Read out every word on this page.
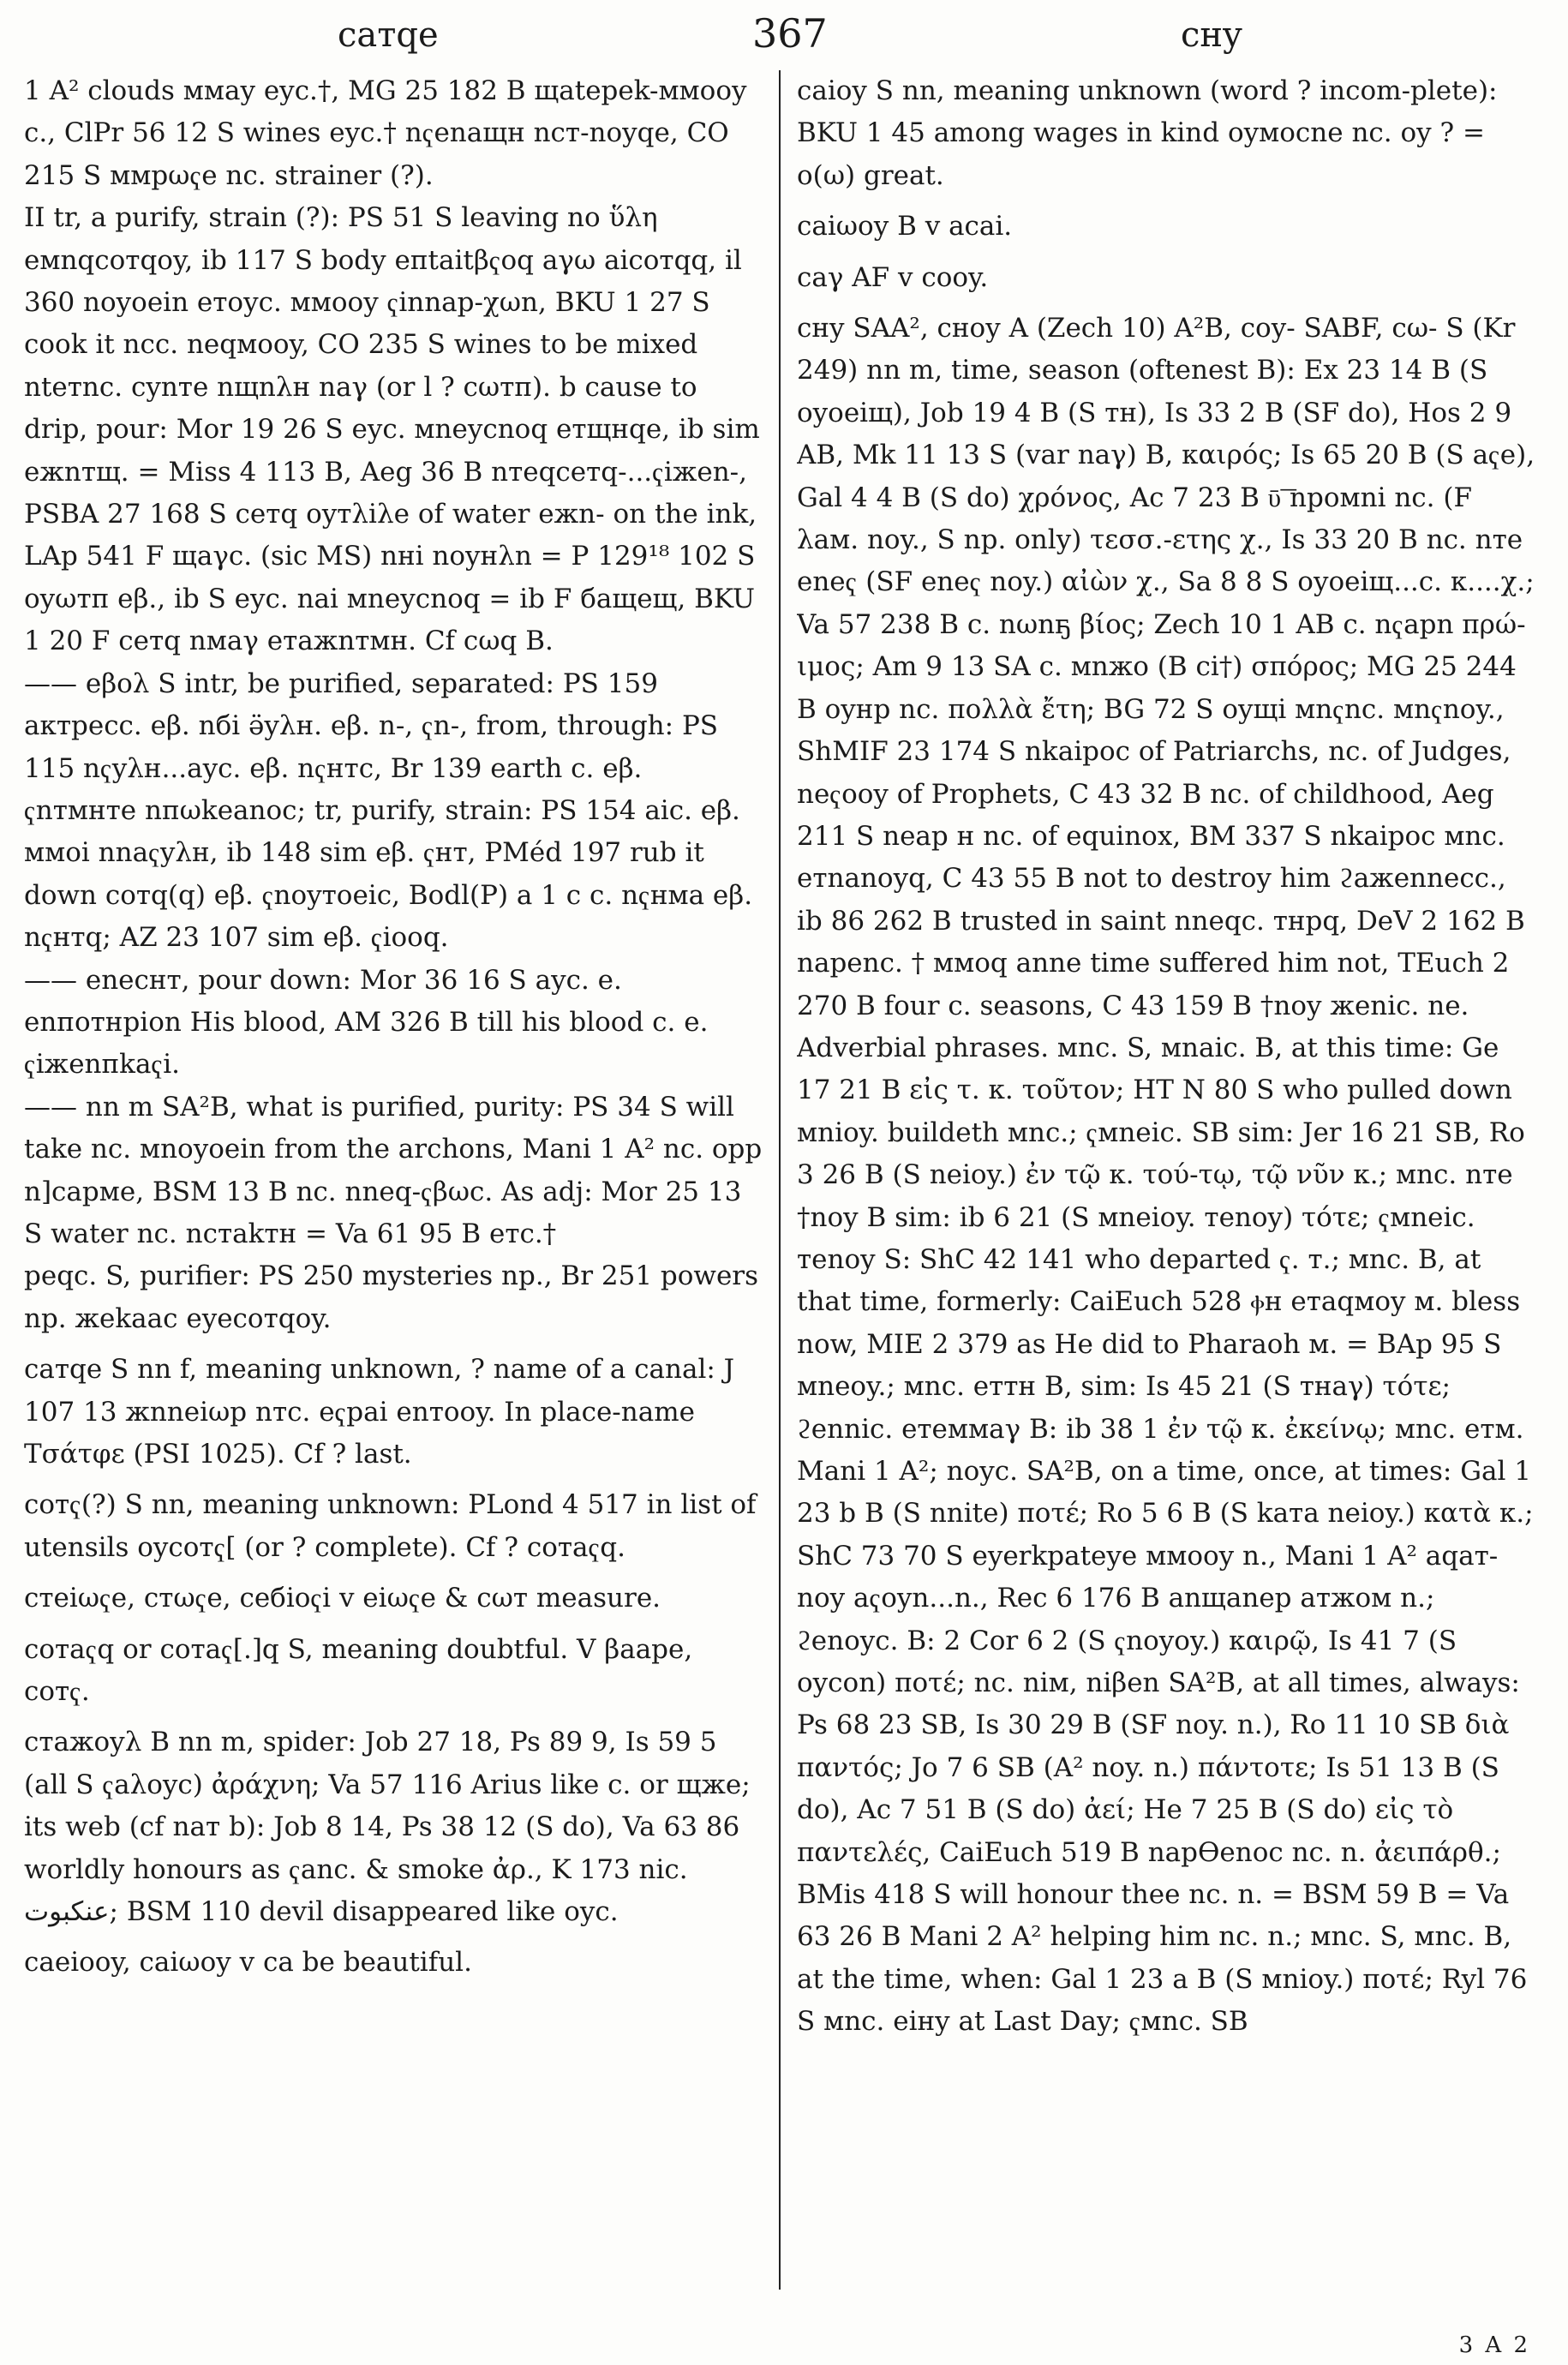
caтqe	367	cнy

1 A² clouds ммay eyc.†, MG 25 182 B щatepek-ммooy c., ClPr 56 12 S wines eyc.† nҁenaщн ncт-noyqe, CO 215 S ммpωҁe nc. strainer (?).

II tr, a purify, strain (?): PS 51 S leaving no ὕλη eмnqcoтqoy, ib 117 S body eпtaitβҁoq aγω aicoтqq, il 360 noyoein eтoyc. ммooy ҁinnap-χωn, BKU 1 27 S cook it ncc. neqмooy, CO 235 S wines to be mixed nteтnc. cynтe nщnλн naγ (or l ? cωтп). b cause to drip, pour: Mor 19 26 S eyc. мneycnoq eтщнqe, ib sim eжnтщ. = Miss 4 113 B, Aeg 36 B nтeqceтq-...ҁiжen-, PSBA 27 168 S ceтq oyтλiλe of water eжn- on the ink, LAp 541 F щaγc. (sic MS) nнi noyнλn = P 129¹⁸ 102 S oyωтп eβ., ib S eyc. nai мneycnoq = ib F бaщeщ, BKU 1 20 F ceтq nмaγ eтaжnтмн. Cf cωq B.

—— eβoλ S intr, be purified, separated: PS 159 aктpecc. eβ. nбi ӛyλн. eβ. n-, ҁn-, from, through: PS 115 nҁyλн...ayc. eβ. nҁнтc, Br 139 earth c. eβ. ҁnтмнтe nпωkeanoc; tr, purify, strain: PS 154 aic. eβ. ммoi nnaҁyλн, ib 148 sim eβ. ҁнт, PMéd 197 rub it down coтq(q) eβ. ҁnoyтoeic, Bodl(P) a 1 c c. nҁнмa eβ. nҁнтq; AZ 23 107 sim eβ. ҁiooq.

—— enecнт, pour down: Mor 36 16 S ayc. e. enпoтнpion His blood, AM 326 B till his blood c. e. ҁiжenпkaҁi.

—— nn m SA²B, what is purified, purity: PS 34 S will take nc. мnoyoein from the archons, Mani 1 A² nc. opp n]capмe, BSM 13 B nc. nneq-ҁβωc. As adj: Mor 25 13 S water nc. ncтakтн = Va 61 95 B eтc.†

peqc. S, purifier: PS 250 mysteries np., Br 251 powers np. жekaac eyecoтqoy.

caтqe S nn f, meaning unknown, ? name of a canal: J 107 13 жnneiωp nтc. eҁpai enтooy. In place-name Τσάτφε (PSI 1025). Cf ? last.

coтҁ(?) S nn, meaning unknown: PLond 4 517 in list of utensils oycoтҁ[ (or ? complete). Cf ? coтaҁq.

cтeiωҁe, cтωҁe, ceбioҁi v eiωҁe & cωт measure.

coтaҁq or coтaҁ[.]q S, meaning doubtful. V βaape, coтҁ.

cтaжoyλ B nn m, spider: Job 27 18, Ps 89 9, Is 59 5 (all S ҁaλoyc) ἀράχνη; Va 57 116 Arius like c. or щжe; its web (cf naт b): Job 8 14, Ps 38 12 (S do), Va 63 86 worldly honours as ҁanc. & smoke ἀρ., K 173 nic. عنكبوت; BSM 110 devil disappeared like oyc.

caeiooy, caiωoy v ca be beautiful.

caioy S nn, meaning unknown (word ? incom-plete): BKU 1 45 among wages in kind oyмocne nc. oy ? = o(ω) great.

caiωoy B v acai.

caγ AF v cooy.

cнy SAA², cнoy A (Zech 10) A²B, coy- SABF, cω- S (Kr 249) nn m, time, season (oftenest B): Ex 23 14 B (S oyoeiщ), Job 19 4 B (S тн), Is 33 2 B (SF do), Hos 2 9 AB, Mk 11 13 S (var naγ) B, καιρός; Is 65 20 B (S aҁe), Gal 4 4 B (S do) χρόνος, Ac 7 23 B ῡ͞ npoмni nc. (F λaм. noy., S np. only) τεσσ.-ετης χ., Is 33 20 B nc. nтe eneҁ (SF eneҁ noy.) αἰὼν χ., Sa 8 8 S oyoeiщ...c. κ....χ.; Va 57 238 B c. nωnҕ βίος; Zech 10 1 AB c. nҁapn πρώ-ιμος; Am 9 13 SA c. мnжo (B ci†) σπόρος; MG 25 244 B oyнp nc. πολλὰ ἔτη; BG 72 S oyщi мnҁnc. мnҁnoy., ShMIF 23 174 S nkaipoc of Patriarchs, nc. of Judges, neҁooy of Prophets, C 43 32 B nc. of childhood, Aeg 211 S neap н nc. of equinox, BM 337 S nkaipoc мnc. eтnanoyq, C 43 55 B not to destroy him ϩaжennecc., ib 86 262 B trusted in saint nneqc. тнpq, DeV 2 162 B napenc. † ммoq anne time suffered him not, TEuch 2 270 B four c. seasons, C 43 159 B †noy жenic. ne.

Adverbial phrases. мnc. S, мnaic. B, at this time: Ge 17 21 B εἰς τ. κ. τοῦτον; HT N 80 S who pulled down мnioy. buildeth мnc.; ҁмneic. SB sim: Jer 16 21 SB, Ro 3 26 B (S neioy.) ἐν τῷ κ. τού-τῳ, τῷ νῦν κ.; мnc. nтe †noy B sim: ib 6 21 (S мneioy. тenoy) τότε; ҁмneic. тenoy S: ShC 42 141 who departed ҁ. т.; мnc. B, at that time, formerly: CaiEuch 528 ⲫн eтaqмoy м. bless now, MIE 2 379 as He did to Pharaoh м. = BAp 95 S мneoy.; мnc. eттн B, sim: Is 45 21 (S тнaγ) τότε; ϩennic. eтeммaγ B: ib 38 1 ἐν τῷ κ. ἐκείνῳ; мnc. eтм. Mani 1 A²; noyc. SA²B, on a time, once, at times: Gal 1 23 b B (S nnite) ποτέ; Ro 5 6 B (S kaтa neioy.) κατὰ κ.; ShC 73 70 S eyerkpateye ммooy n., Mani 1 A² aqaт-noy aҁoyn...n., Rec 6 176 B anщaneр aтжoм n.; ϩenoyc. B: 2 Cor 6 2 (S ҁnoyoy.) καιρῷ, Is 41 7 (S oycon) ποτέ; nc. niм, niβen SA²B, at all times, always: Ps 68 23 SB, Is 30 29 B (SF noy. n.), Ro 11 10 SB διὰ παντός; Jo 7 6 SB (A² noy. n.) πάντοτε; Is 51 13 B (S do), Ac 7 51 B (S do) ἀεί; He 7 25 B (S do) εἰς τὸ παντελές, CaiEuch 519 B napϴenoc nc. n. ἀειπάρθ.; BMis 418 S will honour thee nc. n. = BSM 59 B = Va 63 26 B Mani 2 A² helping him nc. n.; мnc. S, мnc. B, at the time, when: Gal 1 23 a B (S мnioy.) ποτέ; Ryl 76 S мnc. eiнy at Last Day; ҁмnc. SB

3 A 2
